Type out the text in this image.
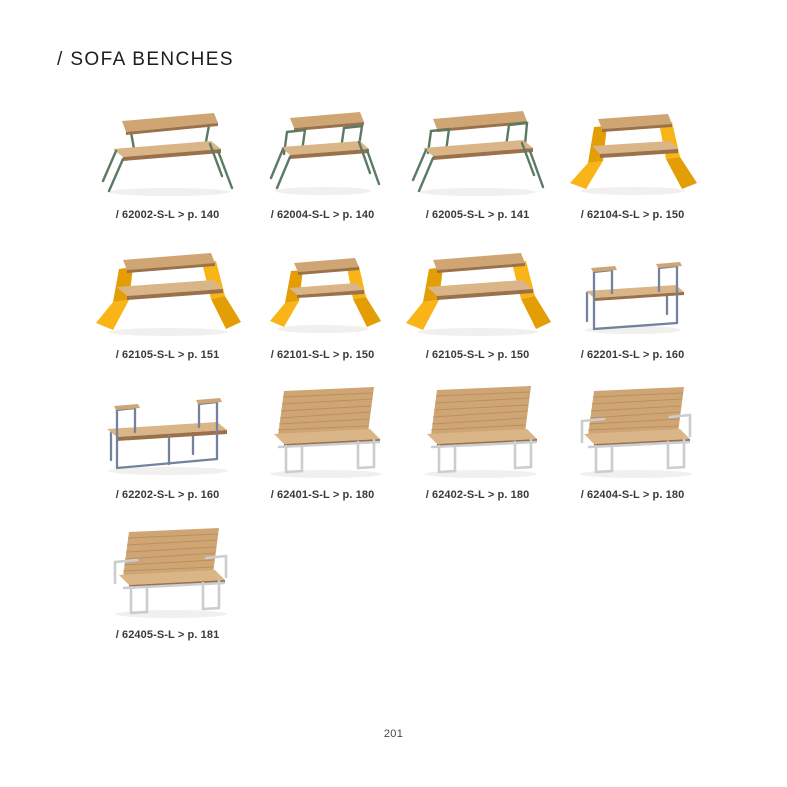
/ SOFA BENCHES
/ 62002-S-L > p. 140	/ 62004-S-L > p. 140	/ 62005-S-L > p. 141	/ 62104-S-L > p. 150
/ 62105-S-L > p. 151	/ 62101-S-L > p. 150	/ 62105-S-L > p. 150	/ 62201-S-L > p. 160
/ 62202-S-L > p. 160	/ 62401-S-L > p. 180	/ 62402-S-L > p. 180	/ 62404-S-L > p. 180
/ 62405-S-L > p. 181
201
